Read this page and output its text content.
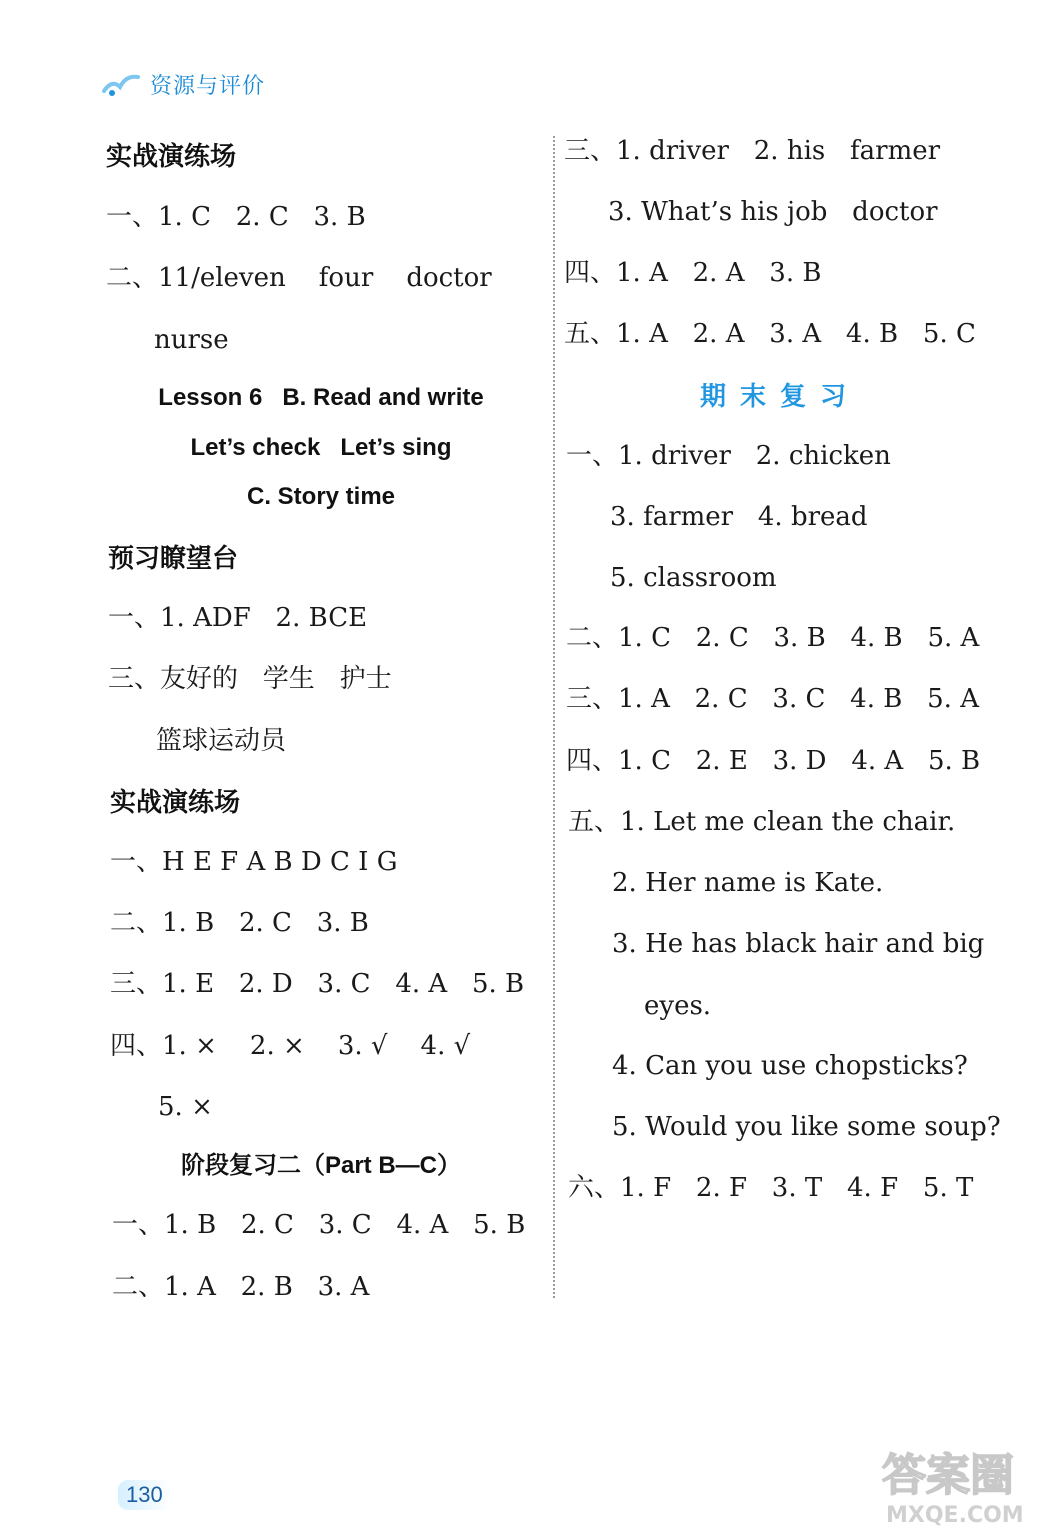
资源与评价
实战演练场
一、1. C   2. C   3. B
二、11/eleven    four    doctor
nurse
Lesson 6   B. Read and write
Let’s check   Let’s sing
C. Story time
预习瞭望台
一、1. ADF   2. BCE
三、友好的   学生   护士
篮球运动员
实战演练场
一、H E F A B D C I G
二、1. B   2. C   3. B
三、1. E   2. D   3. C   4. A   5. B
四、1. ×    2. ×    3. √    4. √
5. ×
阶段复习二（Part B—C）
一、1. B   2. C   3. C   4. A   5. B
二、1. A   2. B   3. A
三、1. driver   2. his   farmer
3. What’s his job   doctor
四、1. A   2. A   3. B
五、1. A   2. A   3. A   4. B   5. C
期末复习
一、1. driver   2. chicken
3. farmer   4. bread
5. classroom
二、1. C   2. C   3. B   4. B   5. A
三、1. A   2. C   3. C   4. B   5. A
四、1. C   2. E   3. D   4. A   5. B
五、1. Let me clean the chair.
2. Her name is Kate.
3. He has black hair and big
eyes.
4. Can you use chopsticks?
5. Would you like some soup?
六、1. F   2. F   3. T   4. F   5. T
130	答案圈
MXQE.COM
